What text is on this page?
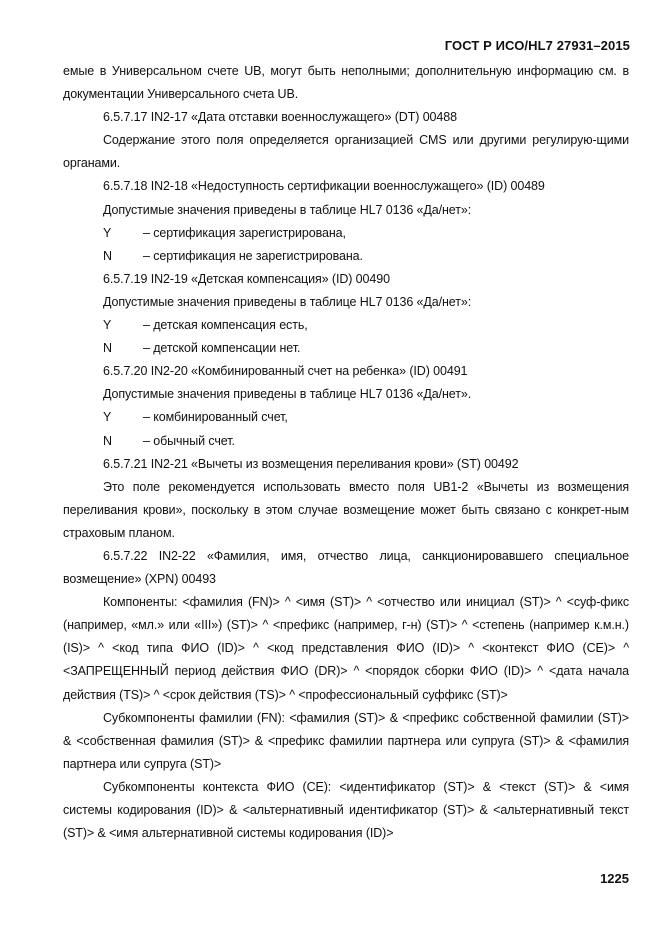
ГОСТ Р ИСО/HL7 27931–2015

емые в Универсальном счете UB, могут быть неполными; дополнительную информацию см. в документации Универсального счета UB.

6.5.7.17 IN2-17 «Дата отставки военнослужащего» (DT) 00488

Содержание этого поля определяется организацией CMS или другими регулирую-щими органами.

6.5.7.18 IN2-18 «Недоступность сертификации военнослужащего» (ID) 00489

Допустимые значения приведены в таблице HL7 0136 «Да/нет»:

Y	– сертификация зарегистрирована,
N – сертификация не зарегистрирована.

6.5.7.19 IN2-19 «Детская компенсация» (ID) 00490

Допустимые значения приведены в таблице HL7 0136 «Да/нет»:

Y	– детская компенсация есть,
N – детской компенсации нет.

6.5.7.20 IN2-20 «Комбинированный счет на ребенка» (ID) 00491

Допустимые значения приведены в таблице HL7 0136 «Да/нет».

Y	– комбинированный счет,
N – обычный счет.

6.5.7.21 IN2-21 «Вычеты из возмещения переливания крови» (ST) 00492

Это поле рекомендуется использовать вместо поля UB1-2 «Вычеты из возмещения переливания крови», поскольку в этом случае возмещение может быть связано с конкрет-ным страховым планом.

6.5.7.22 IN2-22 «Фамилия, имя, отчество лица, санкционировавшего специальное возмещение» (XPN) 00493

Компоненты: <фамилия (FN)> ^ <имя (ST)> ^ <отчество или инициал (ST)> ^ <суф-фикс (например, «мл.» или «III») (ST)> ^ <префикс (например, г-н) (ST)> ^ <степень (например к.м.н.) (IS)> ^ <код типа ФИО (ID)> ^ <код представления ФИО (ID)> ^ <контекст ФИО (CE)> ^ <ЗАПРЕЩЕННЫЙ период действия ФИО (DR)> ^ <порядок сборки ФИО (ID)> ^ <дата начала действия (TS)> ^ <срок действия (TS)> ^ <профессиональный суффикс (ST)>

Субкомпоненты фамилии (FN): <фамилия (ST)> & <префикс собственной фамилии (ST)> & <собственная фамилия (ST)> & <префикс фамилии партнера или супруга (ST)> & <фамилия партнера или супруга (ST)>

Субкомпоненты контекста ФИО (CE): <идентификатор (ST)> & <текст (ST)> & <имя системы кодирования (ID)> & <альтернативный идентификатор (ST)> & <альтернативный текст (ST)> & <имя альтернативной системы кодирования (ID)>

1225
